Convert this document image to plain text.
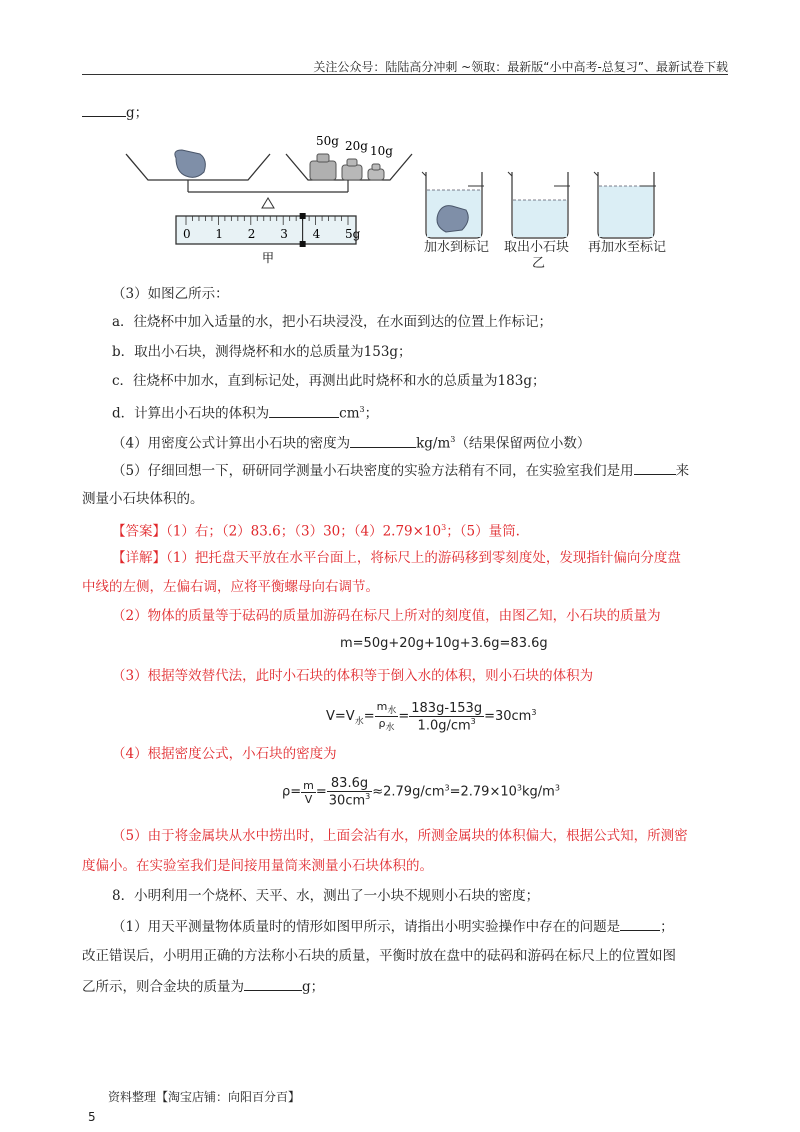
关注公众号：陆陆高分冲刺 ~领取：最新版“小中高考-总复习”、最新试卷下载
g；
50g 20g 10g
0 1 2 3 4 5g
甲
加水到标记 取出小石块 再加水至标记
乙
（3）如图乙所示：
a．往烧杯中加入适量的水，把小石块浸没，在水面到达的位置上作标记；
b．取出小石块，测得烧杯和水的总质量为153g；
c．往烧杯中加水，直到标记处，再测出此时烧杯和水的总质量为183g；
d．计算出小石块的体积为	$cm^3$；
（4）用密度公式计算出小石块的密度为	$kg/m^3$（结果保留两位小数）
（5）仔细回想一下，研研同学测量小石块密度的实验方法稍有不同，在实验室我们是用	来
测量小石块体积的。
【答案】（1）右；（2）83.6；（3）30；$(4)2.79\times 10^3$；（5）量筒.
【详解】（1）把托盘天平放在水平台面上，将标尺上的游码移到零刻度处，发现指针偏向分度盘
中线的左侧，左偏右调，应将平衡螺母向右调节。
（2）物体的质量等于砝码的质量加游码在标尺上所对的刻度值，由图乙知，小石块的质量为
m=50g+20g+10g+3.6g=83.6g
（3）根据等效替代法，此时小石块的体积等于倒入水的体积，则小石块的体积为
$V=V_水= \frac{m_水}{\rho_水} = \frac{183g-153g}{1.0g/cm^3} =30cm^3$
（4）根据密度公式，小石块的密度为
$\rho= \frac{m}{V} = \frac{83.6g}{30cm^3} \approx 2.79g/cm^3=2.79\times 10^3kg/m^3$
（5）由于将金属块从水中捞出时，上面会沾有水，所测金属块的体积偏大，根据公式知，所测密
度偏小。在实验室我们是间接用量筒来测量小石块体积的。
8．小明利用一个烧杯、天平、水，测出了一小块不规则小石块的密度；
（1）用天平测量物体质量时的情形如图甲所示，请指出小明实验操作中存在的问题是	；
改正错误后，小明用正确的方法称小石块的质量，平衡时放在盘中的砝码和游码在标尺上的位置如图
乙所示，则合金块的质量为	g；
资料整理【淘宝店铺：向阳百分百】
5
